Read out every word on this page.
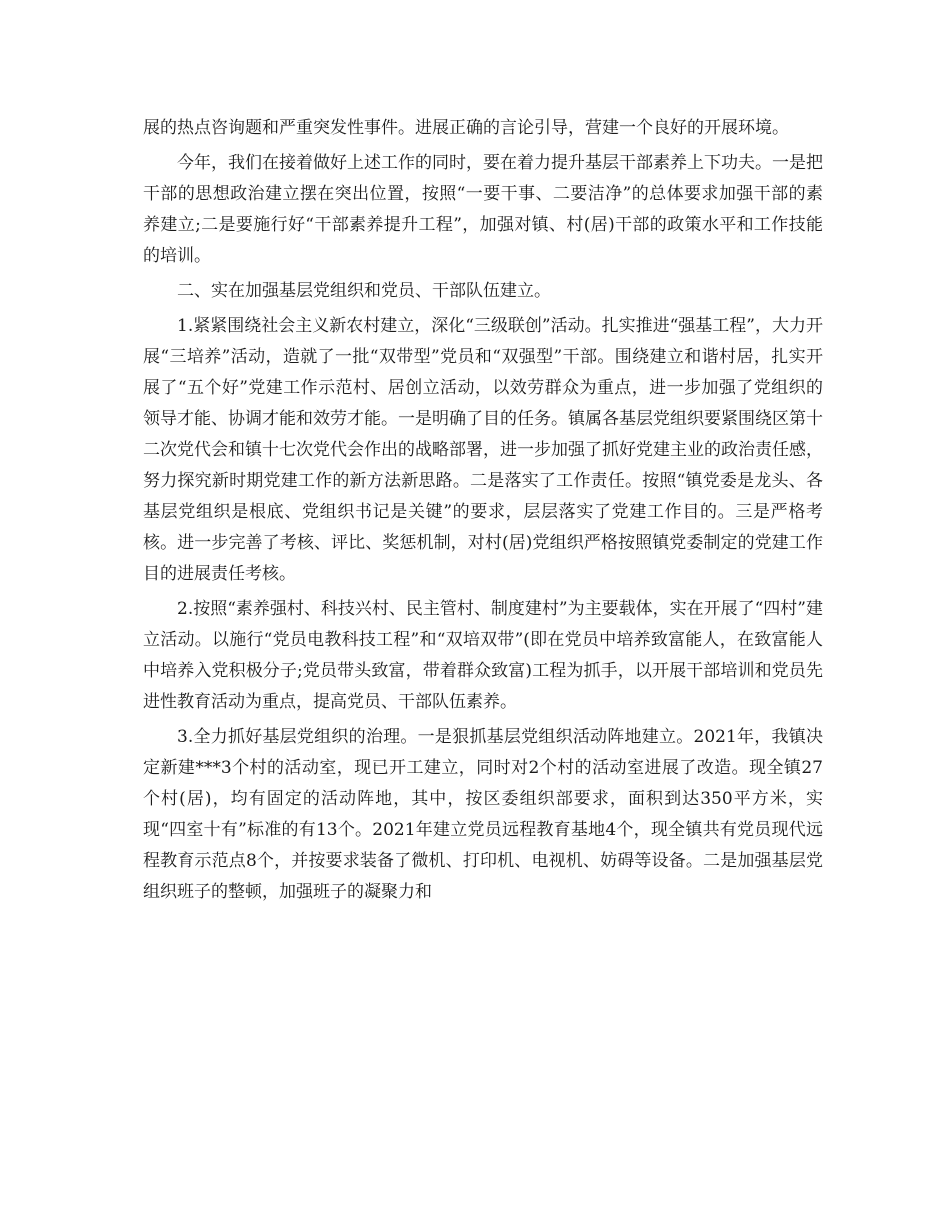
展的热点咨询题和严重突发性事件。进展正确的言论引导，营建一个良好的开展环境。

今年，我们在接着做好上述工作的同时，要在着力提升基层干部素养上下功夫。一是把干部的思想政治建立摆在突出位置，按照“一要干事、二要洁净”的总体要求加强干部的素养建立;二是要施行好“干部素养提升工程”，加强对镇、村(居)干部的政策水平和工作技能的培训。

二、实在加强基层党组织和党员、干部队伍建立。

1.紧紧围绕社会主义新农村建立，深化“三级联创”活动。扎实推进“强基工程”，大力开展“三培养”活动，造就了一批“双带型”党员和“双强型”干部。围绕建立和谐村居，扎实开展了“五个好”党建工作示范村、居创立活动，以效劳群众为重点，进一步加强了党组织的领导才能、协调才能和效劳才能。一是明确了目的任务。镇属各基层党组织要紧围绕区第十二次党代会和镇十七次党代会作出的战略部署，进一步加强了抓好党建主业的政治责任感，努力探究新时期党建工作的新方法新思路。二是落实了工作责任。按照“镇党委是龙头、各基层党组织是根底、党组织书记是关键”的要求，层层落实了党建工作目的。三是严格考核。进一步完善了考核、评比、奖惩机制，对村(居)党组织严格按照镇党委制定的党建工作目的进展责任考核。

2.按照“素养强村、科技兴村、民主管村、制度建村”为主要载体，实在开展了“四村”建立活动。以施行“党员电教科技工程”和“双培双带”(即在党员中培养致富能人，在致富能人中培养入党积极分子;党员带头致富，带着群众致富)工程为抓手，以开展干部培训和党员先进性教育活动为重点，提高党员、干部队伍素养。

3.全力抓好基层党组织的治理。一是狠抓基层党组织活动阵地建立。2021年，我镇决定新建***3个村的活动室，现已开工建立，同时对2个村的活动室进展了改造。现全镇27个村(居)，均有固定的活动阵地，其中，按区委组织部要求，面积到达350平方米，实现“四室十有”标准的有13个。2021年建立党员远程教育基地4个，现全镇共有党员现代远程教育示范点8个，并按要求装备了微机、打印机、电视机、妨碍等设备。二是加强基层党组织班子的整顿，加强班子的凝聚力和
